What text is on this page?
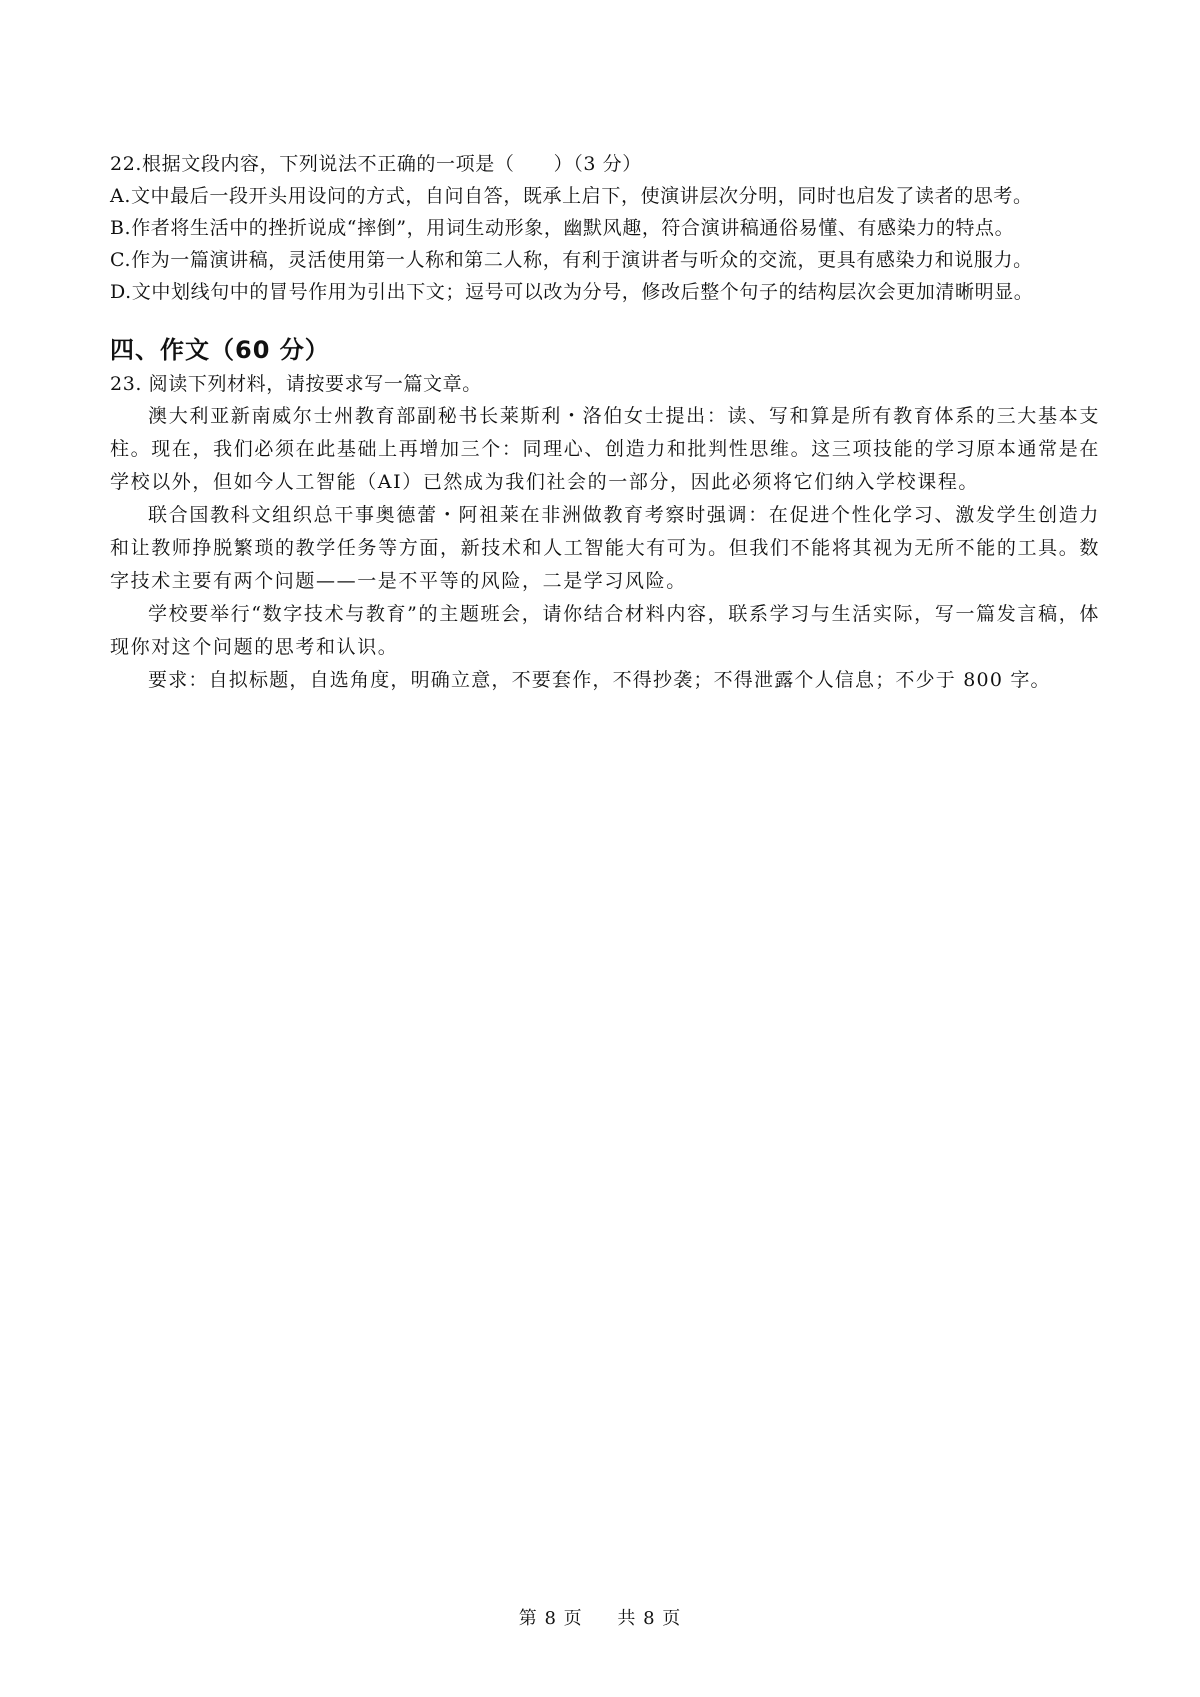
22.根据文段内容，下列说法不正确的一项是（　　）（3 分）
A.文中最后一段开头用设问的方式，自问自答，既承上启下，使演讲层次分明，同时也启发了读者的思考。
B.作者将生活中的挫折说成“摔倒”，用词生动形象，幽默风趣，符合演讲稿通俗易懂、有感染力的特点。
C.作为一篇演讲稿，灵活使用第一人称和第二人称，有利于演讲者与听众的交流，更具有感染力和说服力。
D.文中划线句中的冒号作用为引出下文；逗号可以改为分号，修改后整个句子的结构层次会更加清晰明显。
四、作文（60 分）
23. 阅读下列材料，请按要求写一篇文章。
澳大利亚新南威尔士州教育部副秘书长莱斯利・洛伯女士提出：读、写和算是所有教育体系的三大基本支柱。现在，我们必须在此基础上再增加三个：同理心、创造力和批判性思维。这三项技能的学习原本通常是在学校以外，但如今人工智能（AI）已然成为我们社会的一部分，因此必须将它们纳入学校课程。
联合国教科文组织总干事奥德蕾・阿祖莱在非洲做教育考察时强调：在促进个性化学习、激发学生创造力和让教师挣脱繁琐的教学任务等方面，新技术和人工智能大有可为。但我们不能将其视为无所不能的工具。数字技术主要有两个问题——一是不平等的风险，二是学习风险。
学校要举行“数字技术与教育”的主题班会，请你结合材料内容，联系学习与生活实际，写一篇发言稿，体现你对这个问题的思考和认识。
要求：自拟标题，自选角度，明确立意，不要套作，不得抄袭；不得泄露个人信息；不少于 800 字。
第 8 页 共 8 页
